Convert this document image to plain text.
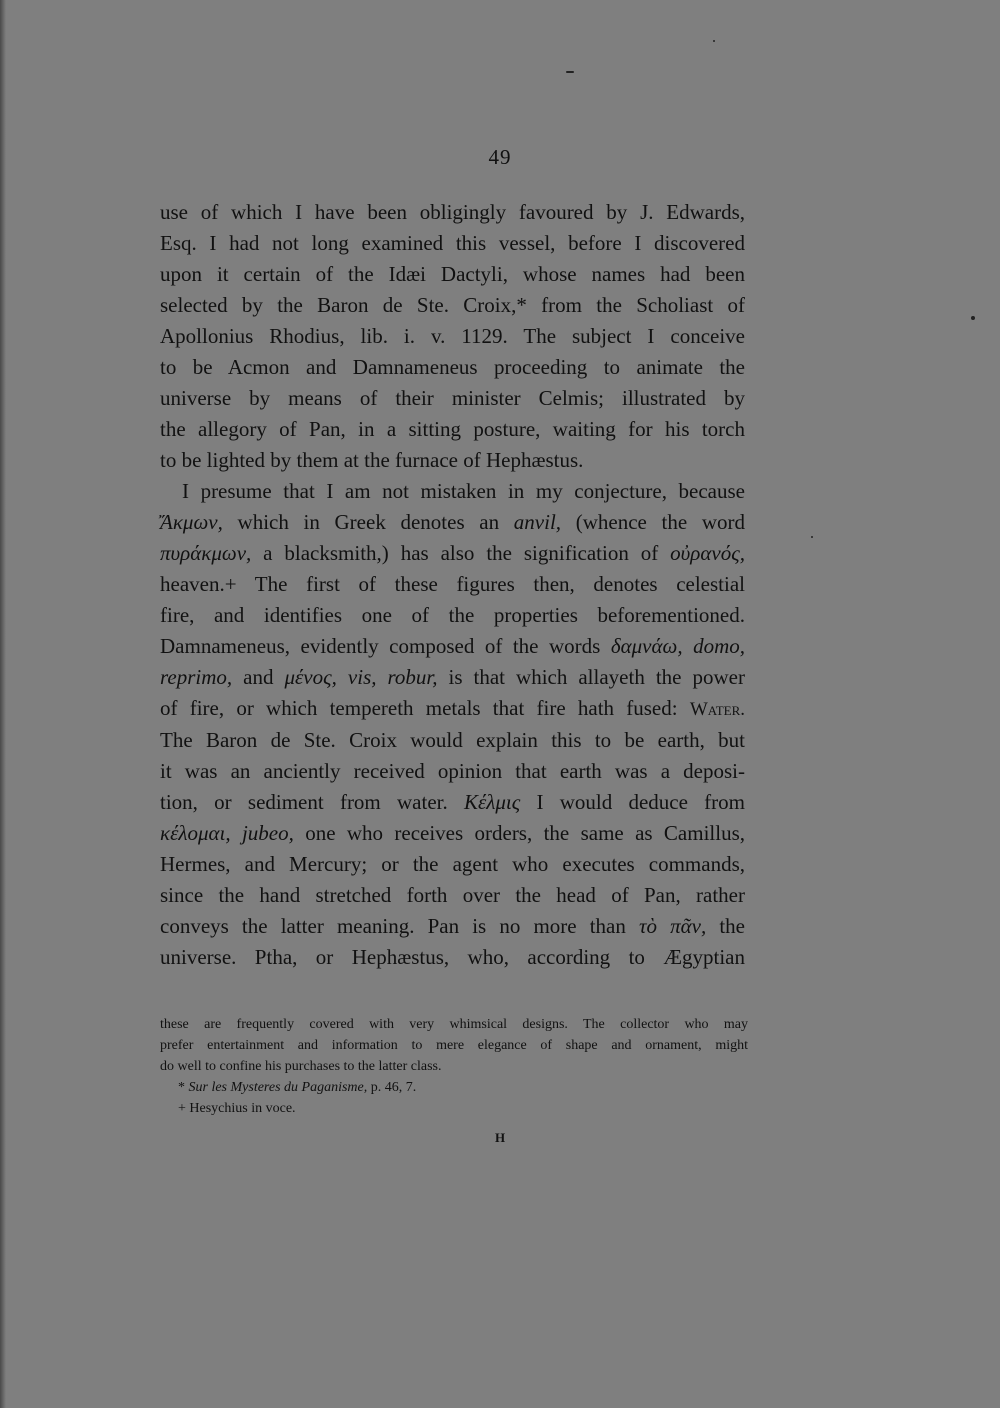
49
use of which I have been obligingly favoured by J. Edwards,
Esq. I had not long examined this vessel, before I discovered
upon it certain of the Idæi Dactyli, whose names had been
selected by the Baron de Ste. Croix,* from the Scholiast of
Apollonius Rhodius, lib. i. v. 1129. The subject I conceive
to be Acmon and Damnameneus proceeding to animate the
universe by means of their minister Celmis; illustrated by
the allegory of Pan, in a sitting posture, waiting for his torch
to be lighted by them at the furnace of Hephæstus.
I presume that I am not mistaken in my conjecture, because
Ἄκμων, which in Greek denotes an anvil, (whence the word
πυράκμων, a blacksmith,) has also the signification of οὐρανός,
heaven.+ The first of these figures then, denotes celestial
fire, and identifies one of the properties beforementioned.
Damnameneus, evidently composed of the words δαμνάω, domo,
reprimo, and μένος, vis, robur, is that which allayeth the power
of fire, or which tempereth metals that fire hath fused: Water.
The Baron de Ste. Croix would explain this to be earth, but
it was an anciently received opinion that earth was a deposi-
tion, or sediment from water. Κέλμις I would deduce from
κέλομαι, jubeo, one who receives orders, the same as Camillus,
Hermes, and Mercury; or the agent who executes commands,
since the hand stretched forth over the head of Pan, rather
conveys the latter meaning. Pan is no more than τὸ πᾶν, the
universe. Ptha, or Hephæstus, who, according to Ægyptian
these are frequently covered with very whimsical designs. The collector who may
prefer entertainment and information to mere elegance of shape and ornament, might
do well to confine his purchases to the latter class.
* Sur les Mysteres du Paganisme, p. 46, 7.
+ Hesychius in voce.
H
